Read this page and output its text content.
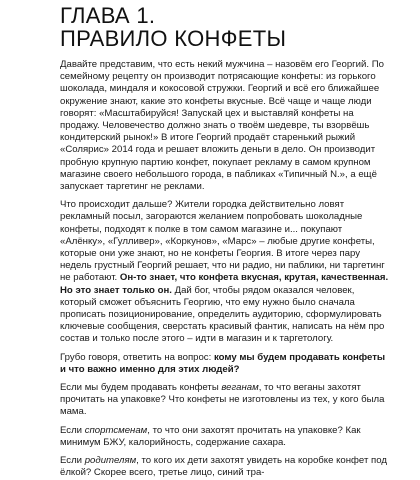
ГЛАВА 1.
ПРАВИЛО КОНФЕТЫ

Давайте представим, что есть некий мужчина – назовём его Георгий. По семейному рецепту он производит потрясающие конфеты: из горького шоколада, миндаля и кокосовой стружки. Георгий и всё его ближайшее окружение знают, какие это конфеты вкусные. Всё чаще и чаще люди говорят: «Масштабируйся! Запускай цех и выставляй конфеты на продажу. Человечество должно знать о твоём шедевре, ты взорвёшь кондитерский рынок!» В итоге Георгий продаёт старенький рыжий «Солярис» 2014 года и решает вложить деньги в дело. Он производит пробную крупную партию конфет, покупает рекламу в самом крупном магазине своего небольшого города, в пабликах «Типичный N.», а ещё запускает таргетинг не реклами.

Что происходит дальше? Жители городка действительно ловят рекламный посыл, загораются желанием попробовать шоколадные конфеты, подходят к полке в том самом магазине и... покупают «Алёнку», «Гулливер», «Коркунов», «Марс» – любые другие конфеты, которые они уже знают, но не конфеты Георгия. В итоге через пару недель грустный Георгий решает, что ни радио, ни паблики, ни таргетинг не работают. Он-то знает, что конфета вкусная, крутая, качественная. Но это знает только он. Дай бог, чтобы рядом оказался человек, который сможет объяснить Георгию, что ему нужно было сначала прописать позиционирование, определить аудиторию, сформулировать ключевые сообщения, сверстать красивый фантик, написать на нём про состав и только после этого – идти в магазин и к таргетологу.

Грубо говоря, ответить на вопрос: кому мы будем продавать конфеты и что важно именно для этих людей?

Если мы будем продавать конфеты веганам, то что веганы захотят прочитать на упаковке? Что конфеты не изготовлены из тех, у кого была мама.

Если спортсменам, то что они захотят прочитать на упаковке? Как минимум БЖУ, калорийность, содержание сахара.

Если родителям, то кого их дети захотят увидеть на коробке конфет под ёлкой? Скорее всего, третье лицо, синий тра-
